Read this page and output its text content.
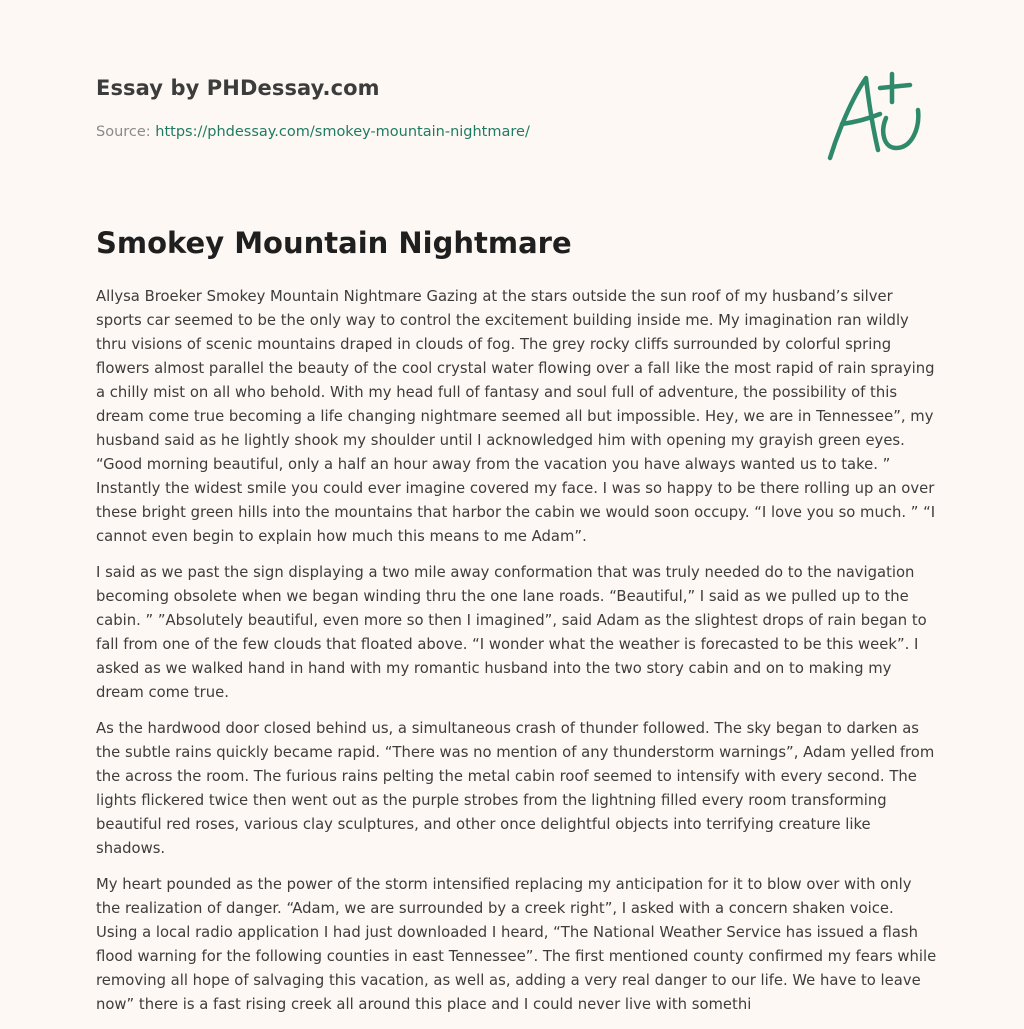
Essay by PHDessay.com

Source: https://phdessay.com/smokey-mountain-nightmare/
Smokey Mountain Nightmare

Allysa Broeker Smokey Mountain Nightmare Gazing at the stars outside the sun roof of my husband’s silver sports car seemed to be the only way to control the excitement building inside me. My imagination ran wildly thru visions of scenic mountains draped in clouds of fog. The grey rocky cliffs surrounded by colorful spring flowers almost parallel the beauty of the cool crystal water flowing over a fall like the most rapid of rain spraying a chilly mist on all who behold. With my head full of fantasy and soul full of adventure, the possibility of this dream come true becoming a life changing nightmare seemed all but impossible. Hey, we are in Tennessee”, my husband said as he lightly shook my shoulder until I acknowledged him with opening my grayish green eyes. “Good morning beautiful, only a half an hour away from the vacation you have always wanted us to take. ” Instantly the widest smile you could ever imagine covered my face. I was so happy to be there rolling up an over these bright green hills into the mountains that harbor the cabin we would soon occupy. “I love you so much. ” “I cannot even begin to explain how much this means to me Adam”.

I said as we past the sign displaying a two mile away conformation that was truly needed do to the navigation becoming obsolete when we began winding thru the one lane roads. “Beautiful,” I said as we pulled up to the cabin. ” ”Absolutely beautiful, even more so then I imagined”, said Adam as the slightest drops of rain began to fall from one of the few clouds that floated above. “I wonder what the weather is forecasted to be this week”. I asked as we walked hand in hand with my romantic husband into the two story cabin and on to making my dream come true.

As the hardwood door closed behind us, a simultaneous crash of thunder followed. The sky began to darken as the subtle rains quickly became rapid. “There was no mention of any thunderstorm warnings”, Adam yelled from the across the room. The furious rains pelting the metal cabin roof seemed to intensify with every second. The lights flickered twice then went out as the purple strobes from the lightning filled every room transforming beautiful red roses, various clay sculptures, and other once delightful objects into terrifying creature like shadows.

My heart pounded as the power of the storm intensified replacing my anticipation for it to blow over with only the realization of danger. “Adam, we are surrounded by a creek right”, I asked with a concern shaken voice. Using a local radio application I had just downloaded I heard, “The National Weather Service has issued a flash flood warning for the following counties in east Tennessee”. The first mentioned county confirmed my fears while removing all hope of salvaging this vacation, as well as, adding a very real danger to our life. We have to leave now” there is a fast rising creek all around this place and I could never live with somethi
